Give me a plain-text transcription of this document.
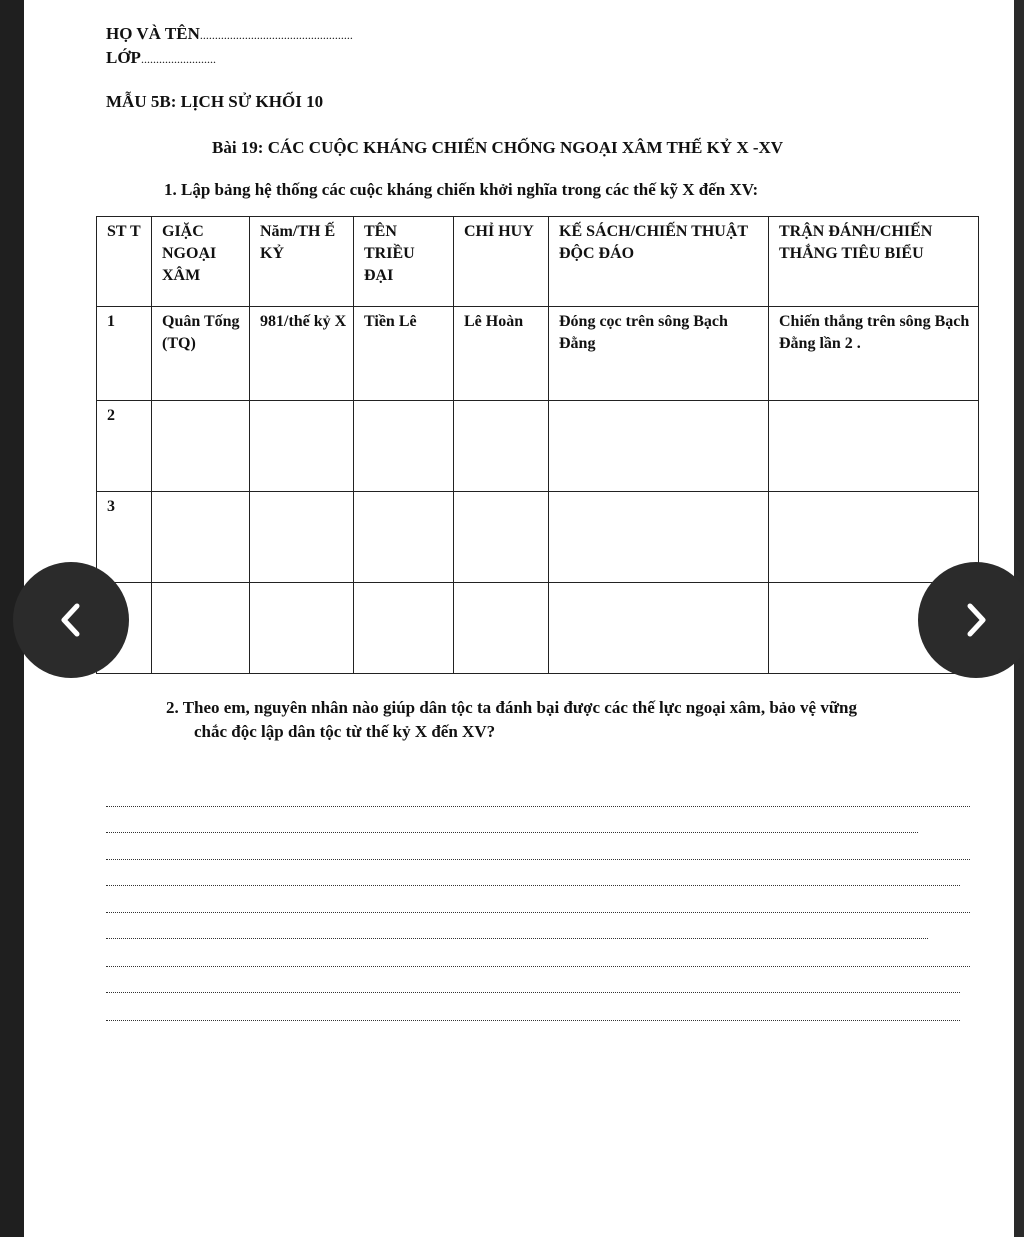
HỌ VÀ TÊN...................................................
LỚP.........................
MẪU 5B: LỊCH SỬ KHỐI 10
Bài 19: CÁC CUỘC KHÁNG CHIẾN CHỐNG NGOẠI XÂM THẾ KỶ X -XV
1. Lập bảng hệ thống các cuộc kháng chiến khởi nghĩa trong các thế kỹ X đến XV:
ST T	GIẶC NGOẠI XÂM	Năm/TH Ế KỶ	TÊN TRIỀU ĐẠI	CHỈ HUY	KẾ SÁCH/CHIẾN THUẬT ĐỘC ĐÁO	TRẬN ĐÁNH/CHIẾN THẮNG TIÊU BIỂU
1	Quân Tống (TQ)	981/thế kỷ X	Tiền Lê	Lê Hoàn	Đóng cọc trên sông Bạch Đằng	Chiến thắng trên sông Bạch Đằng lần 2 .
2						
3						

2. Theo em, nguyên nhân nào giúp dân tộc ta đánh bại được các thế lực ngoại xâm, bảo vệ vững
chắc độc lập dân tộc từ thế kỷ X đến XV?
